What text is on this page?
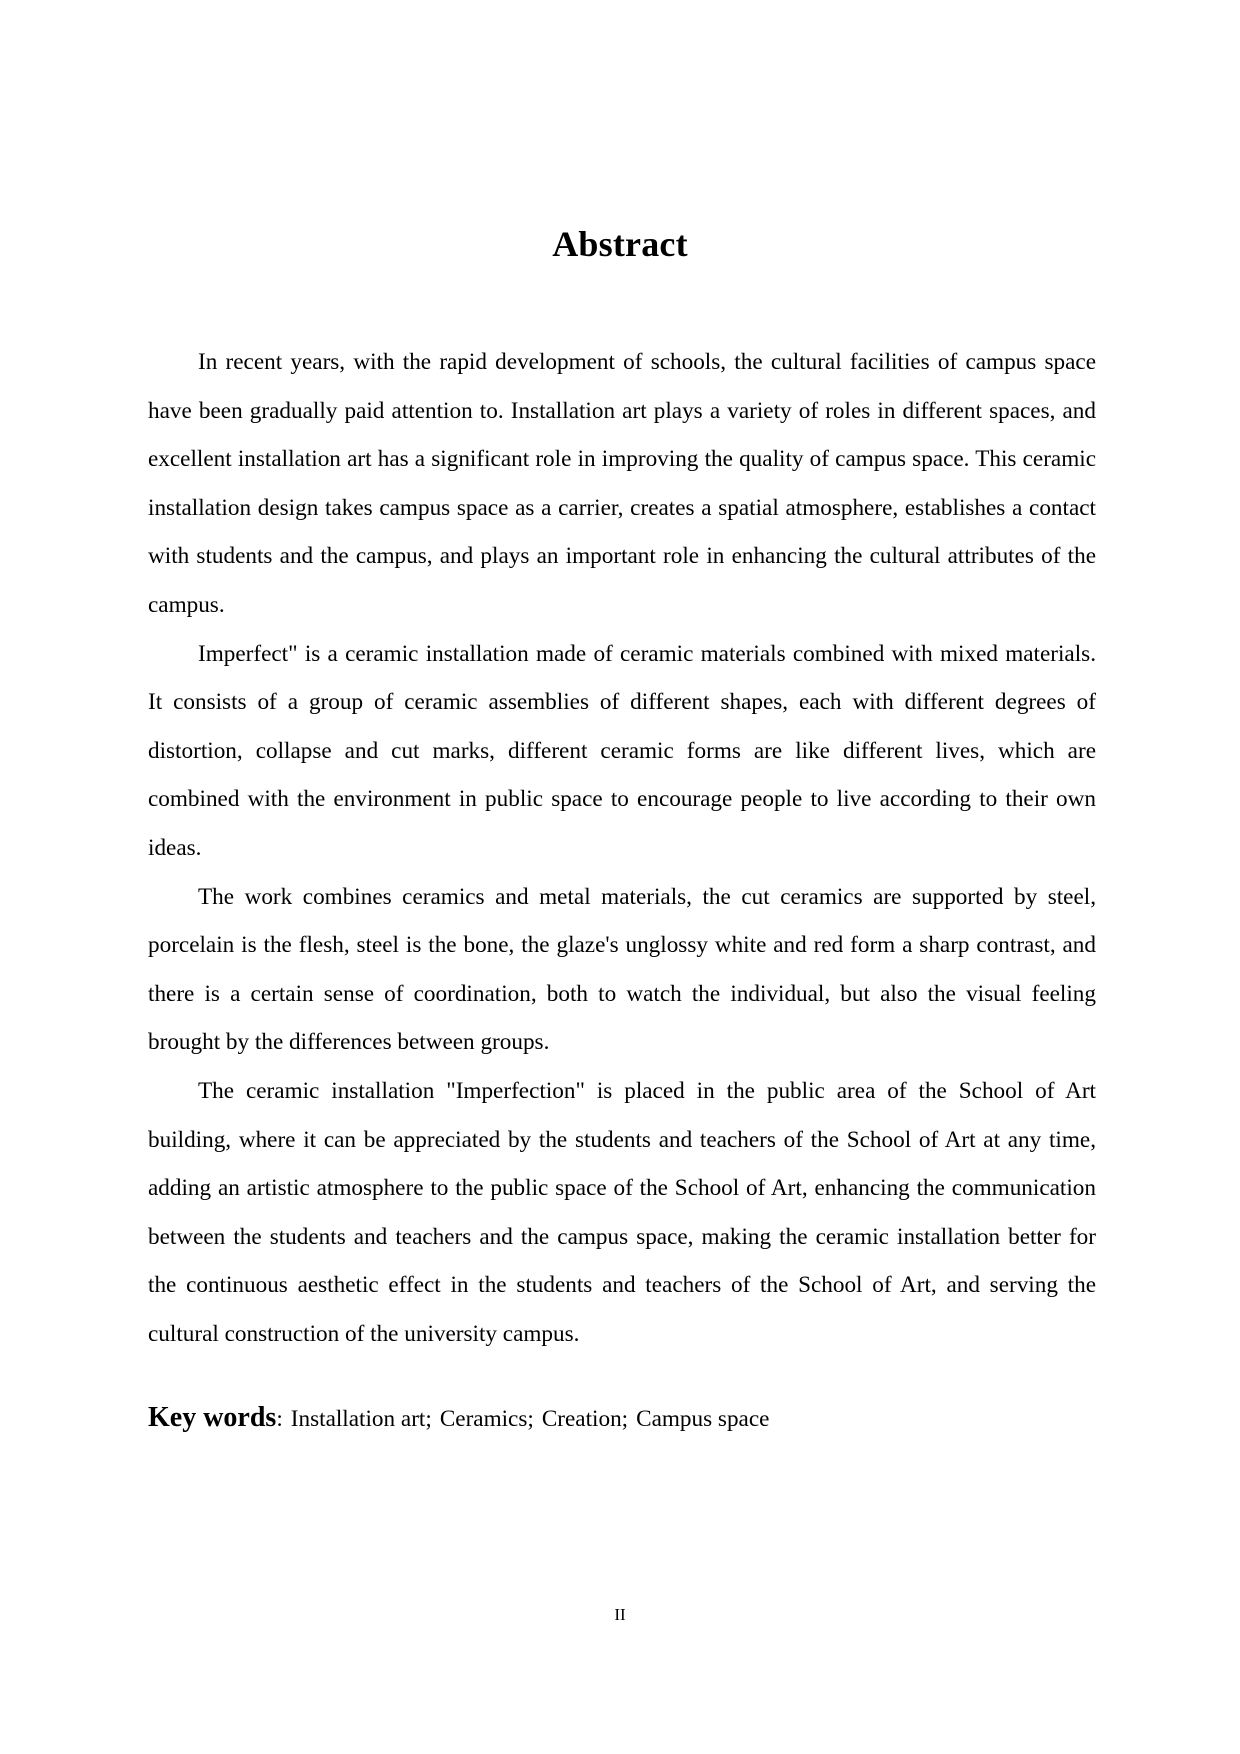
Abstract

In recent years, with the rapid development of schools, the cultural facilities of campus space have been gradually paid attention to. Installation art plays a variety of roles in different spaces, and excellent installation art has a significant role in improving the quality of campus space. This ceramic installation design takes campus space as a carrier, creates a spatial atmosphere, establishes a contact with students and the campus, and plays an important role in enhancing the cultural attributes of the campus.

Imperfect" is a ceramic installation made of ceramic materials combined with mixed materials. It consists of a group of ceramic assemblies of different shapes, each with different degrees of distortion, collapse and cut marks, different ceramic forms are like different lives, which are combined with the environment in public space to encourage people to live according to their own ideas.

The work combines ceramics and metal materials, the cut ceramics are supported by steel, porcelain is the flesh, steel is the bone, the glaze's unglossy white and red form a sharp contrast, and there is a certain sense of coordination, both to watch the individual, but also the visual feeling brought by the differences between groups.

The ceramic installation "Imperfection" is placed in the public area of the School of Art building, where it can be appreciated by the students and teachers of the School of Art at any time, adding an artistic atmosphere to the public space of the School of Art, enhancing the communication between the students and teachers and the campus space, making the ceramic installation better for the continuous aesthetic effect in the students and teachers of the School of Art, and serving the cultural construction of the university campus.

Key words: Installation art; Ceramics; Creation; Campus space
II
